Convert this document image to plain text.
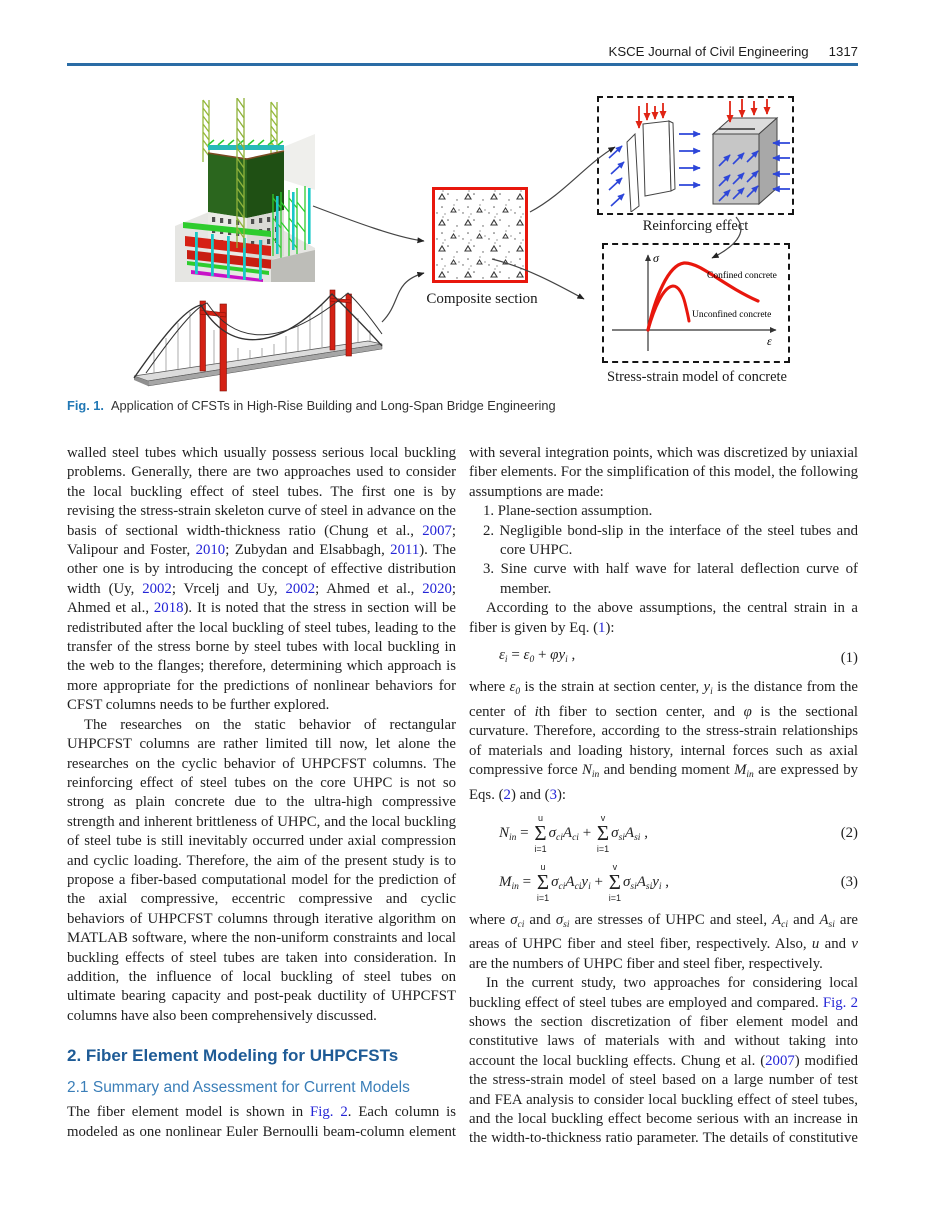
KSCE Journal of Civil Engineering 1317
Composite section
Reinforcing effect
σ
ε
Confined concrete
Unconfined concrete
Stress-strain model of concrete
Fig. 1. Application of CFSTs in High-Rise Building and Long-Span Bridge Engineering

walled steel tubes which usually possess serious local buckling problems. Generally, there are two approaches used to consider the local buckling effect of steel tubes. The first one is by revising the stress-strain skeleton curve of steel in advance on the basis of sectional width-thickness ratio (Chung et al., 2007; Valipour and Foster, 2010; Zubydan and Elsabbagh, 2011). The other one is by introducing the concept of effective distribution width (Uy, 2002; Vrcelj and Uy, 2002; Ahmed et al., 2020; Ahmed et al., 2018). It is noted that the stress in section will be redistributed after the local buckling of steel tubes, leading to the transfer of the stress borne by steel tubes with local buckling in the web to the flanges; therefore, determining which approach is more appropriate for the predictions of nonlinear behaviors for CFST columns needs to be further explored.

The researches on the static behavior of rectangular UHPCFST columns are rather limited till now, let alone the researches on the cyclic behavior of UHPCFST columns. The reinforcing effect of steel tubes on the core UHPC is not so strong as plain concrete due to the ultra-high compressive strength and inherent brittleness of UHPC, and the local buckling of steel tube is still inevitably occurred under axial compression and cyclic loading. Therefore, the aim of the present study is to propose a fiber-based computational model for the prediction of the axial compressive, eccentric compressive and cyclic behaviors of UHPCFST columns through iterative algorithm on MATLAB software, where the non-uniform constraints and local buckling effects of steel tubes are taken into consideration. In addition, the influence of local buckling of steel tubes on ultimate bearing capacity and post-peak ductility of UHPCFST columns have also been comprehensively discussed.

2. Fiber Element Modeling for UHPCFSTs
2.1 Summary and Assessment for Current Models

The fiber element model is shown in Fig. 2. Each column is modeled as one nonlinear Euler Bernoulli beam-column element

with several integration points, which was discretized by uniaxial fiber elements. For the simplification of this model, the following assumptions are made:

1. Plane-section assumption.
2. Negligible bond-slip in the interface of the steel tubes and core UHPC.
3. Sine curve with half wave for lateral deflection curve of member.

According to the above assumptions, the central strain in a fiber is given by Eq. (1):

$\varepsilon_i = \varepsilon_0 + \varphi y_i$ ,	(1)

where $\varepsilon_0$ is the strain at section center, $y_i$ is the distance from the center of ith fiber to section center, and φ is the sectional curvature. Therefore, according to the stress-strain relationships of materials and loading history, internal forces such as axial compressive force $N_{in}$ and bending moment $M_{in}$ are expressed by Eqs. (2) and (3):

$N_{in}$ =
u
Σ
i=1
$\sigma_{ci}A_{ci}$ +
v
Σ
i=1
$\sigma_{si}A_{si}$ ,	(2)
$M_{in}$ =
u
Σ
i=1
$\sigma_{ci}A_{ci}y_i$ +
v
Σ
i=1
$\sigma_{si}A_{si}y_i$ ,	(3)

where $\sigma_{ci}$ and $\sigma_{si}$ are stresses of UHPC and steel, $A_{ci}$ and $A_{si}$ are areas of UHPC fiber and steel fiber, respectively. Also, u and v are the numbers of UHPC fiber and steel fiber, respectively.

In the current study, two approaches for considering local buckling effect of steel tubes are employed and compared. Fig. 2 shows the section discretization of fiber element model and constitutive laws of materials with and without taking into account the local buckling effects. Chung et al. (2007) modified the stress-strain model of steel based on a large number of test and FEA analysis to consider local buckling effect of steel tubes, and the local buckling effect become serious with an increase in the width-to-thickness ratio parameter. The details of constitutive
